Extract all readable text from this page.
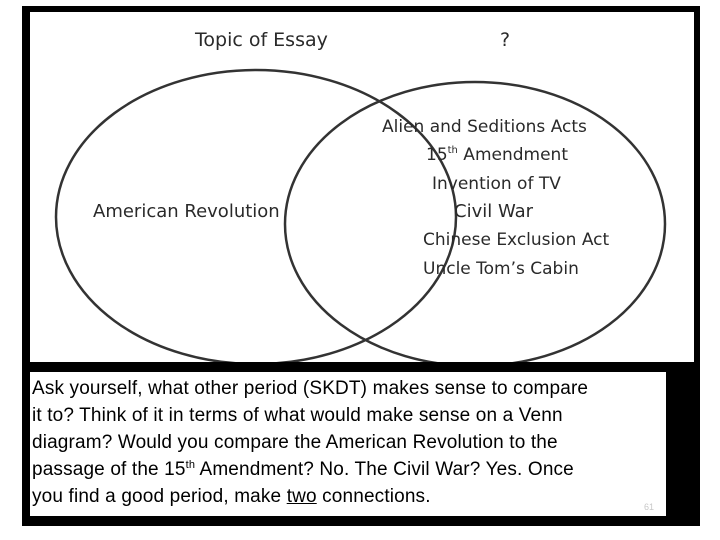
Topic of Essay	?
American Revolution
Alien and Seditions Acts
15th Amendment
Invention of TV
Civil War
Chinese Exclusion Act
Uncle Tom’s Cabin
Ask yourself, what other period (SKDT) makes sense to compare
it to? Think of it in terms of what would make sense on a Venn
diagram? Would you compare the American Revolution to the
passage of the 15th Amendment? No. The Civil War? Yes. Once
you find a good period, make two connections.	61
